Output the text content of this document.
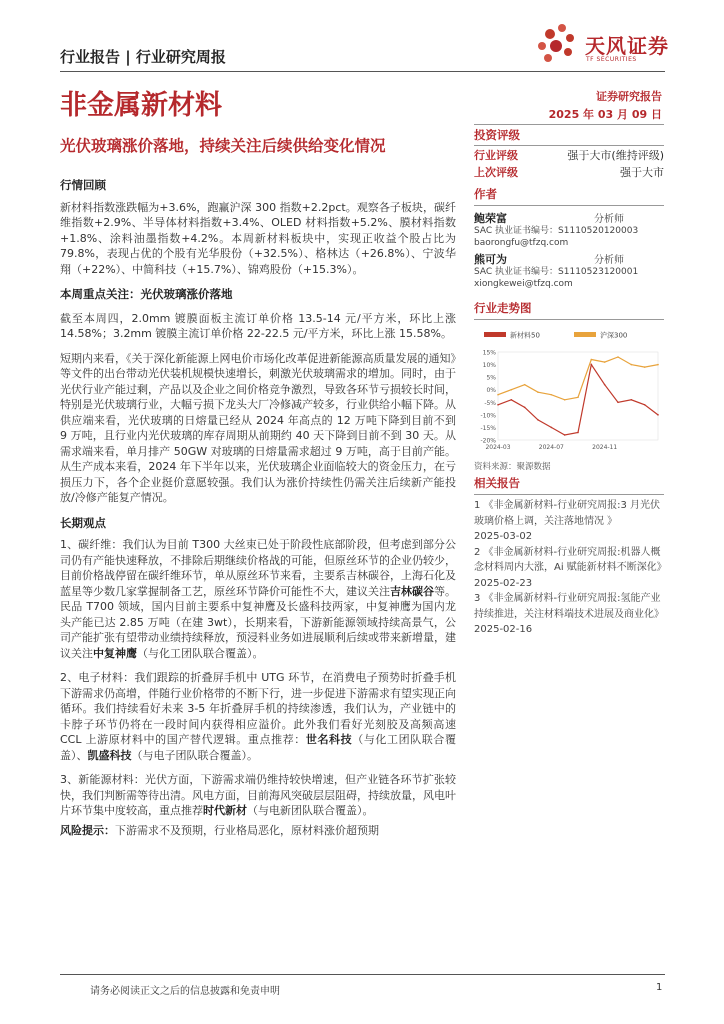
行业报告 | 行业研究周报	天风证券
TF SECURITIES
非金属新材料	证券研究报告
2025 年 03 月 09 日
光伏玻璃涨价落地，持续关注后续供给变化情况
投资评级
行业评级	强于大市(维持评级)
上次评级	强于大市
作者
鲍荣富	分析师
SAC 执业证书编号：S1110520120003
baorongfu@tfzq.com
熊可为	分析师
SAC 执业证书编号：S1110523120001
xiongkewei@tfzq.com
行业走势图
新材料50	沪深300
15%
10%
5%
0%
-5%
-10%
-15%
-20%
2024-03	2024-07	2024-11
资料来源：聚源数据
相关报告
1 《非金属新材料-行业研究周报:3 月光伏玻璃价格上调，关注落地情况 》
2025-03-02
2 《非金属新材料-行业研究周报:机器人概念材料周内大涨，Ai 赋能新材料不断深化》
2025-02-23
3 《非金属新材料-行业研究周报:氢能产业持续推进，关注材料端技术进展及商业化》
2025-02-16
行情回顾

新材料指数涨跌幅为+3.6%，跑赢沪深 300 指数+2.2pct。观察各子板块，碳纤维指数+2.9%、半导体材料指数+3.4%、OLED 材料指数+5.2%、膜材料指数+1.8%、涂料油墨指数+4.2%。本周新材料板块中，实现正收益个股占比为 79.8%，表现占优的个股有光华股份（+32.5%）、格林达（+26.8%）、宁波华翔（+22%）、中简科技（+15.7%）、锦鸡股份（+15.3%）。

本周重点关注：光伏玻璃涨价落地

截至本周四，2.0mm 镀膜面板主流订单价格 13.5-14 元/平方米，环比上涨14.58%；3.2mm 镀膜主流订单价格 22-22.5 元/平方米，环比上涨 15.58%。

短期内来看，《关于深化新能源上网电价市场化改革促进新能源高质量发展的通知》等文件的出台带动光伏装机规模快速增长，刺激光伏玻璃需求的增加。同时，由于光伏行业产能过剩，产品以及企业之间价格竞争激烈，导致各环节亏损较长时间，特别是光伏玻璃行业，大幅亏损下龙头大厂冷修减产较多，行业供给小幅下降。从供应端来看，光伏玻璃的日熔量已经从 2024 年高点的 12 万吨下降到目前不到 9 万吨，且行业内光伏玻璃的库存周期从前期约 40 天下降到目前不到 30 天。从需求端来看，单月排产 50GW 对玻璃的日熔量需求超过 9 万吨，高于目前产能。从生产成本来看，2024 年下半年以来，光伏玻璃企业面临较大的资金压力，在亏损压力下，各个企业挺价意愿较强。我们认为涨价持续性仍需关注后续新产能投放/冷修产能复产情况。

长期观点

1、碳纤维：我们认为目前 T300 大丝束已处于阶段性底部阶段，但考虑到部分公司仍有产能快速释放，不排除后期继续价格战的可能，但原丝环节的企业仍较少，目前价格战停留在碳纤维环节，单从原丝环节来看，主要系吉林碳谷，上海石化及蓝星等少数几家掌握制备工艺，原丝环节降价可能性不大，建议关注吉林碳谷等。民品 T700 领域，国内目前主要系中复神鹰及长盛科技两家，中复神鹰为国内龙头产能已达 2.85 万吨（在建 3wt），长期来看，下游新能源领域持续高景气，公司产能扩张有望带动业绩持续释放，预浸料业务如进展顺利后续或带来新增量，建议关注中复神鹰（与化工团队联合覆盖）。

2、电子材料：我们跟踪的折叠屏手机中 UTG 环节，在消费电子预势时折叠手机下游需求仍高增，伴随行业价格带的不断下行，进一步促进下游需求有望实现正向循环。我们持续看好未来 3-5 年折叠屏手机的持续渗透，我们认为，产业链中的卡脖子环节仍将在一段时间内获得相应溢价。此外我们看好光刻胶及高频高速 CCL 上游原材料中的国产替代逻辑。重点推荐：世名科技（与化工团队联合覆盖）、凯盛科技（与电子团队联合覆盖）。

3、新能源材料：光伏方面，下游需求端仍维持较快增速，但产业链各环节扩张较快，我们判断需等待出清。风电方面，目前海风突破层层阻碍，持续放量，风电叶片环节集中度较高，重点推荐时代新材（与电新团队联合覆盖）。

风险提示：下游需求不及预期，行业格局恶化，原材料涨价超预期

请务必阅读正文之后的信息披露和免责申明	1
